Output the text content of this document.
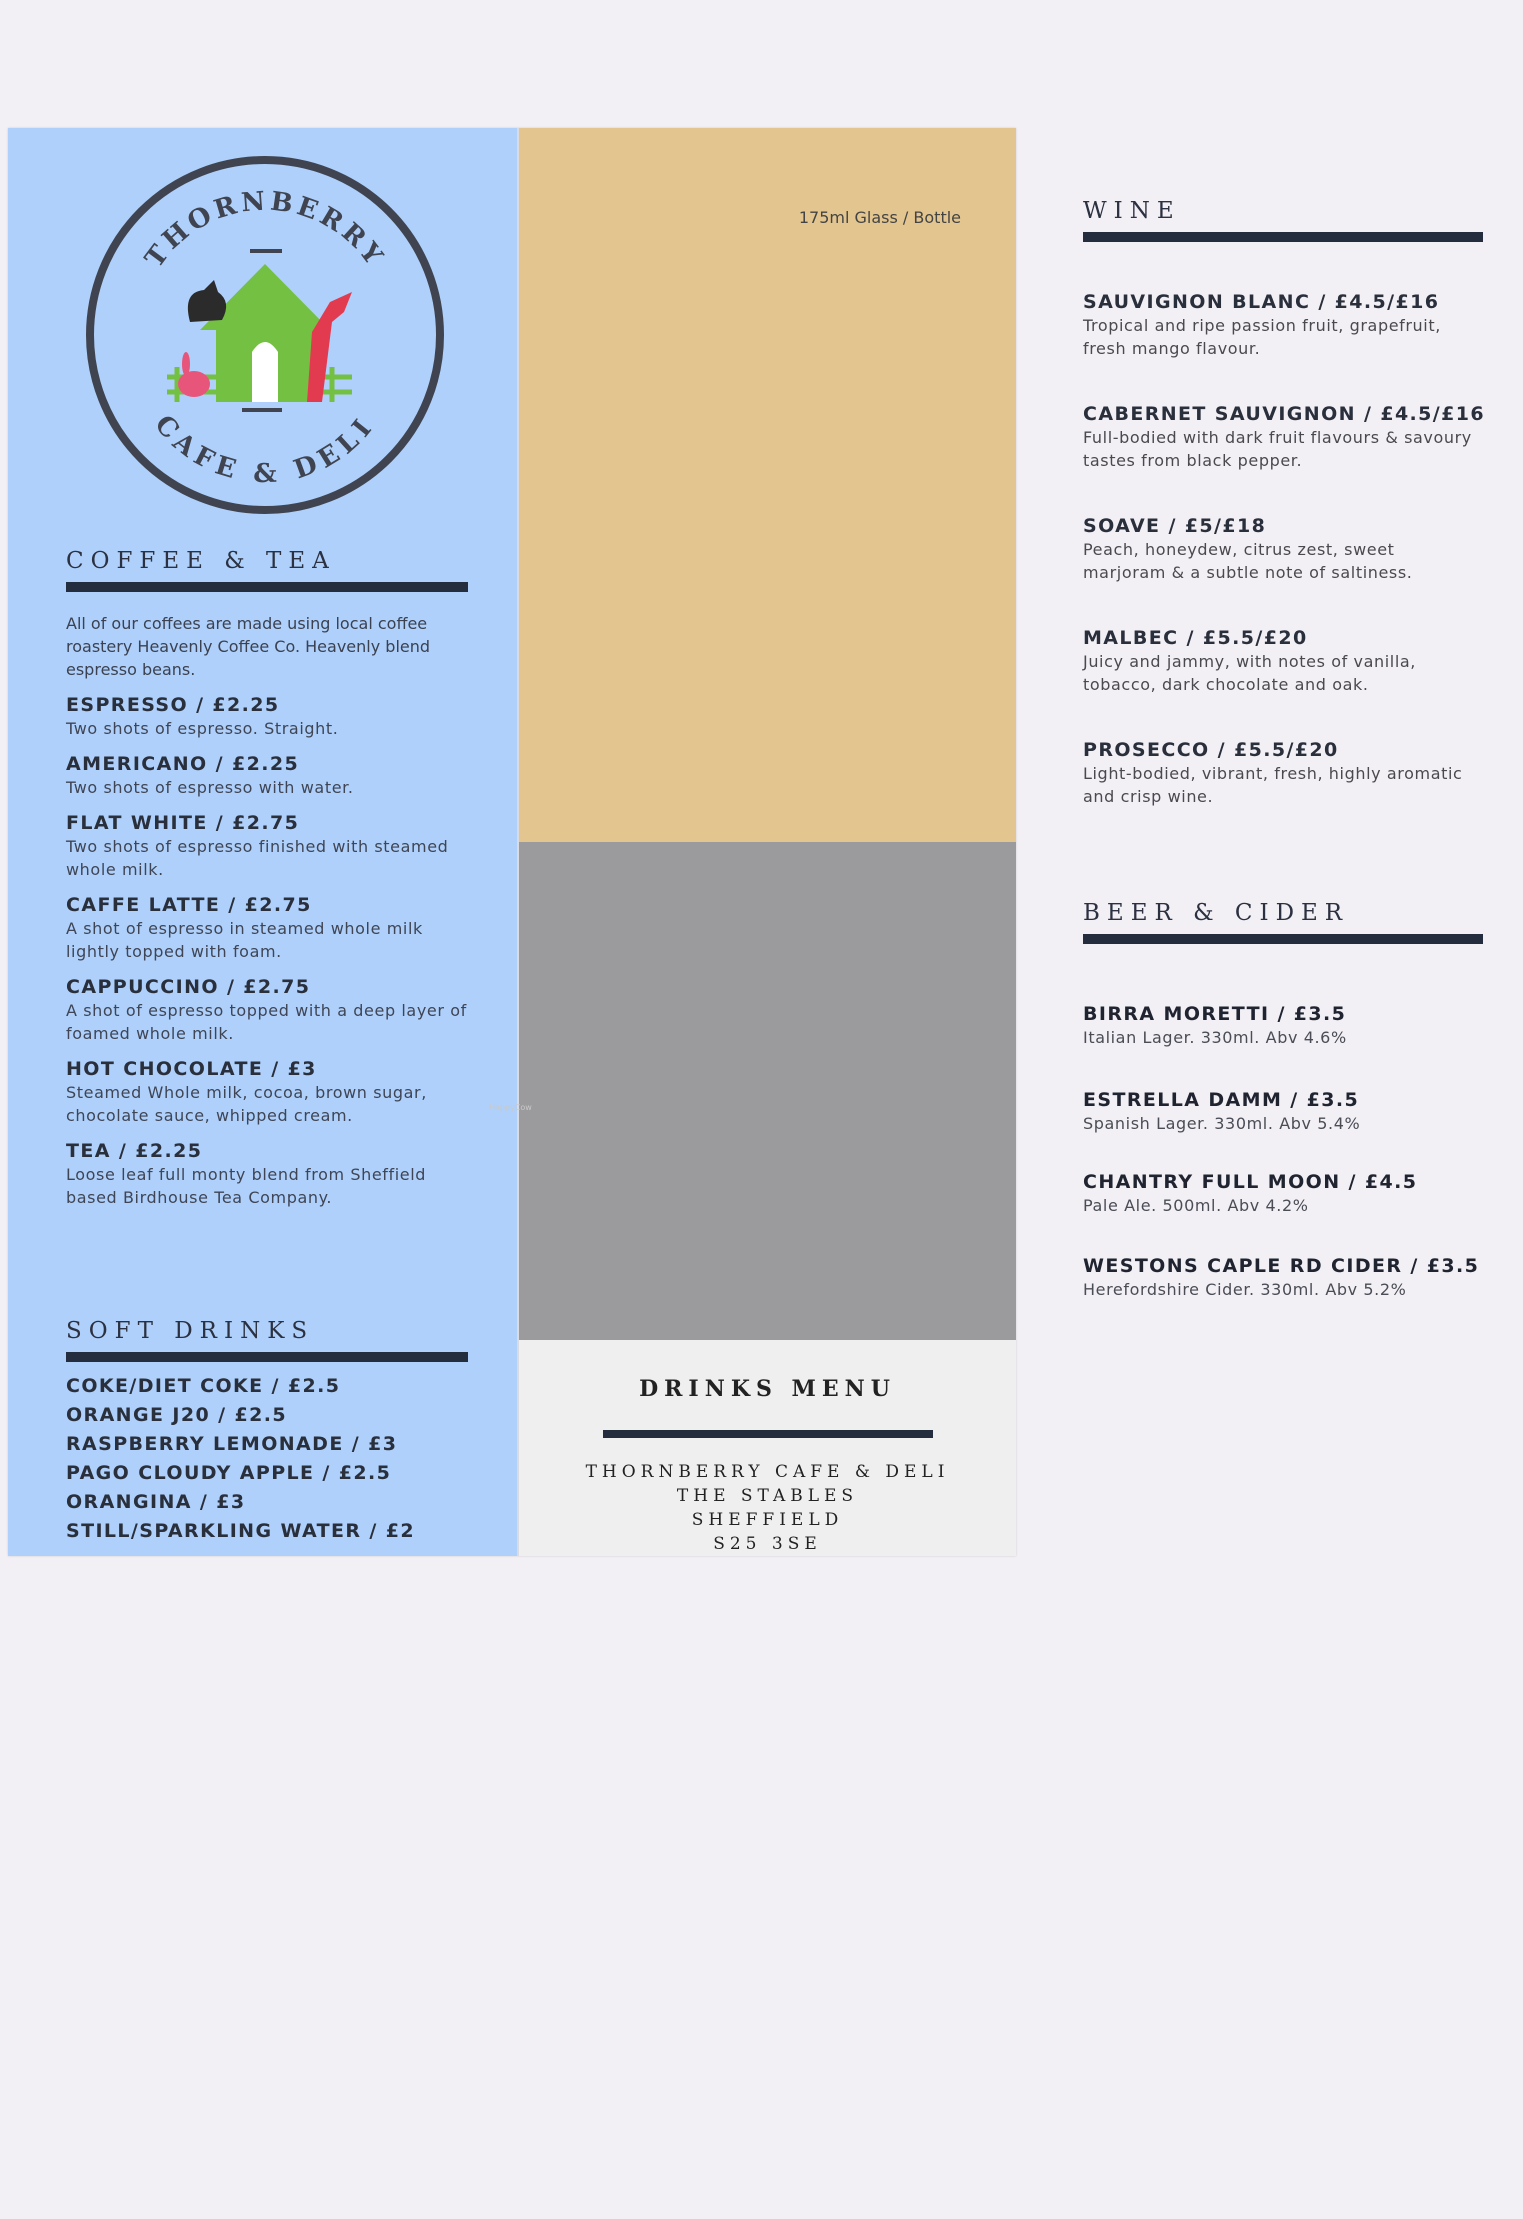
THORNBERRY
CAFE & DELI
COFFEE & TEA
All of our coffees are made using local coffee roastery Heavenly Coffee Co. Heavenly blend espresso beans.
ESPRESSO / £2.25
Two shots of espresso. Straight.
AMERICANO / £2.25
Two shots of espresso with water.
FLAT WHITE / £2.75
Two shots of espresso finished with steamed whole milk.
CAFFE LATTE / £2.75
A shot of espresso in steamed whole milk lightly topped with foam.
CAPPUCCINO / £2.75
A shot of espresso topped with a deep layer of foamed whole milk.
HOT CHOCOLATE / £3
Steamed Whole milk, cocoa, brown sugar, chocolate sauce, whipped cream.
TEA / £2.25
Loose leaf full monty blend from Sheffield based Birdhouse Tea Company.
SOFT DRINKS
COKE/DIET COKE / £2.5
ORANGE J20 / £2.5
RASPBERRY LEMONADE / £3
PAGO CLOUDY APPLE / £2.5
ORANGINA / £3
STILL/SPARKLING WATER / £2
WINE
175ml Glass / Bottle
SAUVIGNON BLANC / £4.5/£16
Tropical and ripe passion fruit, grapefruit, fresh mango flavour.
CABERNET SAUVIGNON / £4.5/£16
Full-bodied with dark fruit flavours & savoury tastes from black pepper.
SOAVE / £5/£18
Peach, honeydew, citrus zest, sweet marjoram & a subtle note of saltiness.
MALBEC / £5.5/£20
Juicy and jammy, with notes of vanilla, tobacco, dark chocolate and oak.
PROSECCO / £5.5/£20
Light-bodied, vibrant, fresh, highly aromatic and crisp wine.
BEER & CIDER
BIRRA MORETTI / £3.5
Italian Lager. 330ml. Abv 4.6%
ESTRELLA DAMM / £3.5
Spanish Lager. 330ml. Abv 5.4%
CHANTRY FULL MOON / £4.5
Pale Ale. 500ml. Abv 4.2%
WESTONS CAPLE RD CIDER / £3.5
Herefordshire Cider. 330ml. Abv 5.2%
DRINKS MENU
THORNBERRY CAFE & DELI
THE STABLES
SHEFFIELD
S25 3SE
HappyCow
